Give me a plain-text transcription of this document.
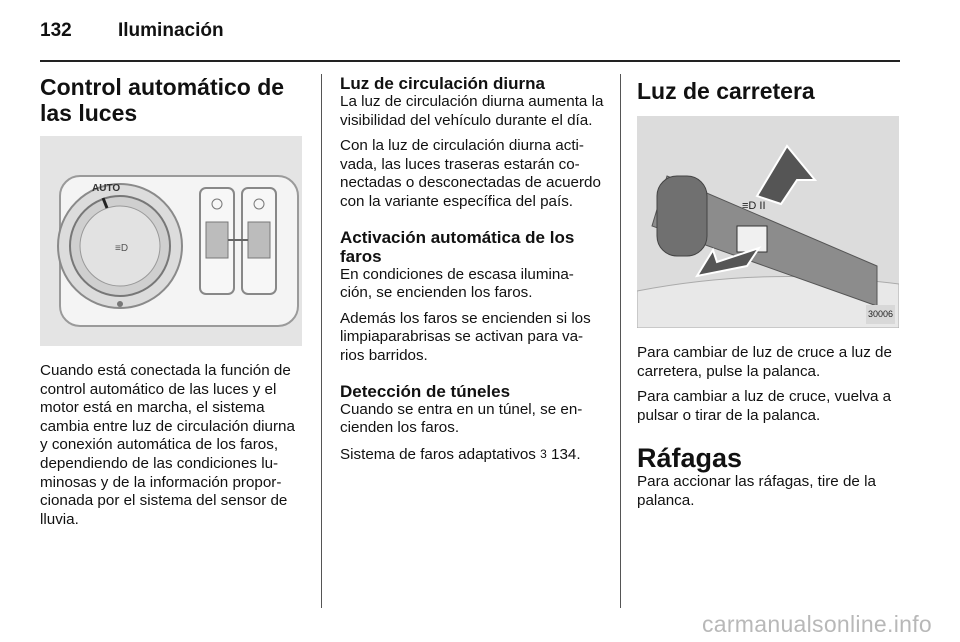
132 Iluminación
Control automático de las luces
AUTO
≡D

Cuando está conectada la función de control automático de las luces y el motor está en marcha, el sistema cambia entre luz de circulación diurna y conexión automática de los faros, dependiendo de las condiciones lu-minosas y de la información propor-cionada por el sistema del sensor de lluvia.

Luz de circulación diurna

La luz de circulación diurna aumenta la visibilidad del vehículo durante el día.

Con la luz de circulación diurna acti-vada, las luces traseras estarán co-nectadas o desconectadas de acuerdo con la variante específica del país.

Activación automática de los faros

En condiciones de escasa ilumina-ción, se encienden los faros.

Además los faros se encienden si los limpiaparabrisas se activan para va-rios barridos.

Detección de túneles

Cuando se entra en un túnel, se en-cienden los faros.

Sistema de faros adaptativos 3 134.

Luz de carretera
≡D II
30006

Para cambiar de luz de cruce a luz de carretera, pulse la palanca.

Para cambiar a luz de cruce, vuelva a pulsar o tirar de la palanca.

Ráfagas

Para accionar las ráfagas, tire de la palanca.

carmanualsonline.info
